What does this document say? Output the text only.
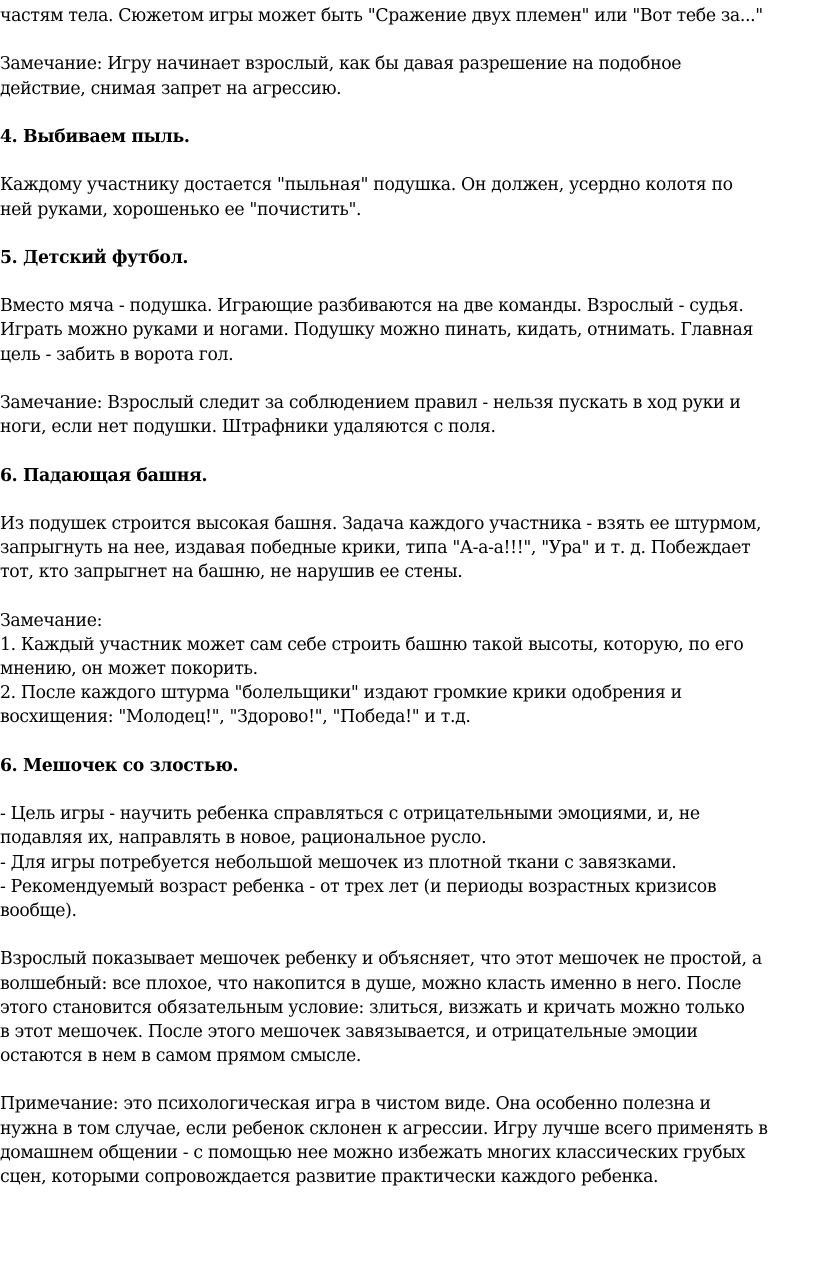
частям тела. Сюжетом игры может быть "Сражение двух племен" или "Вот тебе за..."
Замечание: Игру начинает взрослый, как бы давая разрешение на подобное
действие, снимая запрет на агрессию.
4. Выбиваем пыль.
Каждому участнику достается "пыльная" подушка. Он должен, усердно колотя по
ней руками, хорошенько ее "почистить".
5. Детский футбол.
Вместо мяча - подушка. Играющие разбиваются на две команды. Взрослый - судья.
Играть можно руками и ногами. Подушку можно пинать, кидать, отнимать. Главная
цель - забить в ворота гол.
Замечание: Взрослый следит за соблюдением правил - нельзя пускать в ход руки и
ноги, если нет подушки. Штрафники удаляются с поля.
6. Падающая башня.
Из подушек строится высокая башня. Задача каждого участника - взять ее штурмом,
запрыгнуть на нее, издавая победные крики, типа "А-а-а!!!", "Ура" и т. д. Побеждает
тот, кто запрыгнет на башню, не нарушив ее стены.
Замечание:
1. Каждый участник может сам себе строить башню такой высоты, которую, по его
мнению, он может покорить.
2. После каждого штурма "болельщики" издают громкие крики одобрения и
восхищения: "Молодец!", "Здорово!", "Победа!" и т.д.
6. Мешочек со злостью.
- Цель игры - научить ребенка справляться с отрицательными эмоциями, и, не
подавляя их, направлять в новое, рациональное русло.
- Для игры потребуется небольшой мешочек из плотной ткани с завязками.
- Рекомендуемый возраст ребенка - от трех лет (и периоды возрастных кризисов
вообще).
Взрослый показывает мешочек ребенку и объясняет, что этот мешочек не простой, а
волшебный: все плохое, что накопится в душе, можно класть именно в него. После
этого становится обязательным условие: злиться, визжать и кричать можно только
в этот мешочек. После этого мешочек завязывается, и отрицательные эмоции
остаются в нем в самом прямом смысле.
Примечание: это психологическая игра в чистом виде. Она особенно полезна и
нужна в том случае, если ребенок склонен к агрессии. Игру лучше всего применять в
домашнем общении - с помощью нее можно избежать многих классических грубых
сцен, которыми сопровождается развитие практически каждого ребенка.
